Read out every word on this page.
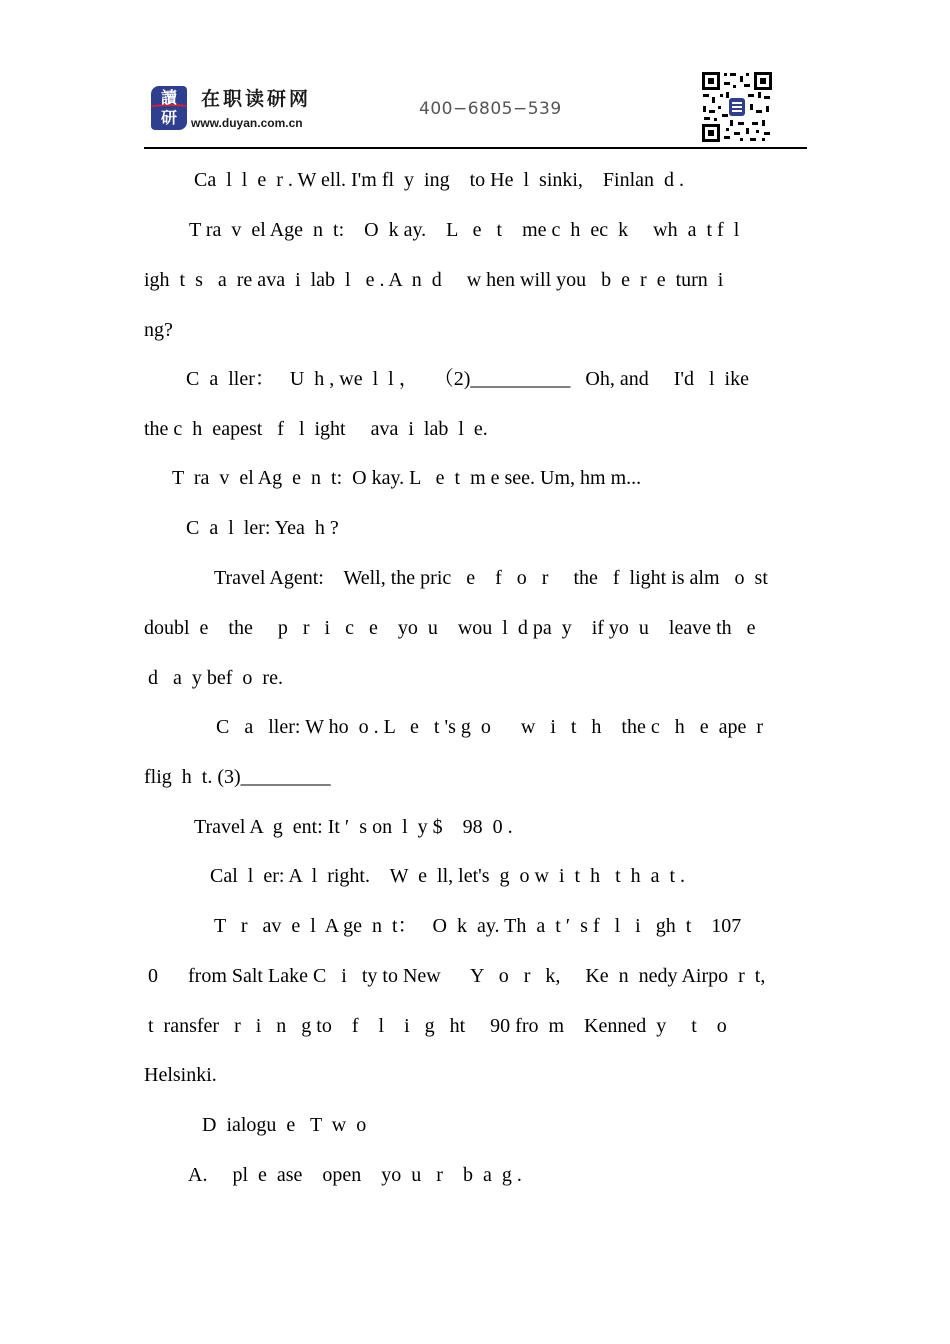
讀
研
在职读研网
www.duyan.com.cn
400−6805−539
Ca  l  l  e  r . W ell. I'm fl  y  ing    to He  l  sinki,    Finlan  d .
T ra  v  el Age  n  t:    O  k ay.    L   e   t    me c  h  ec  k     wh  a  t f  l
igh  t  s   a  re ava  i  lab  l   e . A  n  d     w hen will you   b  e  r  e  turn  i
ng?
C  a  ller：   U  h , we  l  l ，   （2)__________   Oh, and     I'd   l  ike
the c  h  eapest   f   l  ight     ava  i  lab  l  e.
T  ra  v  el Ag  e  n  t:  O kay. L   e  t  m e see. Um, hm m...
C  a  l  ler: Yea  h ?
Travel Agent:    Well, the pric   e    f   o   r     the   f  light is alm   o  st
doubl  e    the     p   r   i   c   e    yo  u    wou  l  d pa  y    if yo  u    leave th   e
d   a  y bef  o  re.
C   a   ller: W ho  o . L   e   t 's g  o      w   i   t   h    the c   h   e  ape  r
flig  h  t. (3)_________
Travel A  g  ent: It ′  s on  l  y $    98  0 .
Cal  l  er: A  l  right.    W  e  ll, let's  g  o w  i  t  h   t  h  a  t .
T   r   av  e  l  A ge  n  t：   O  k  ay. Th  a  t ′  s f   l   i   gh  t    107
0      from Salt Lake C   i   ty to New      Y   o   r   k,     Ke  n  nedy Airpo  r  t,
t  ransfer   r   i   n   g to    f    l    i   g   ht     90 fro  m    Kenned  y     t    o
Helsinki.
D  ialogu  e   T  w  o
A.     pl  e  ase    open    yo  u   r    b  a  g .
